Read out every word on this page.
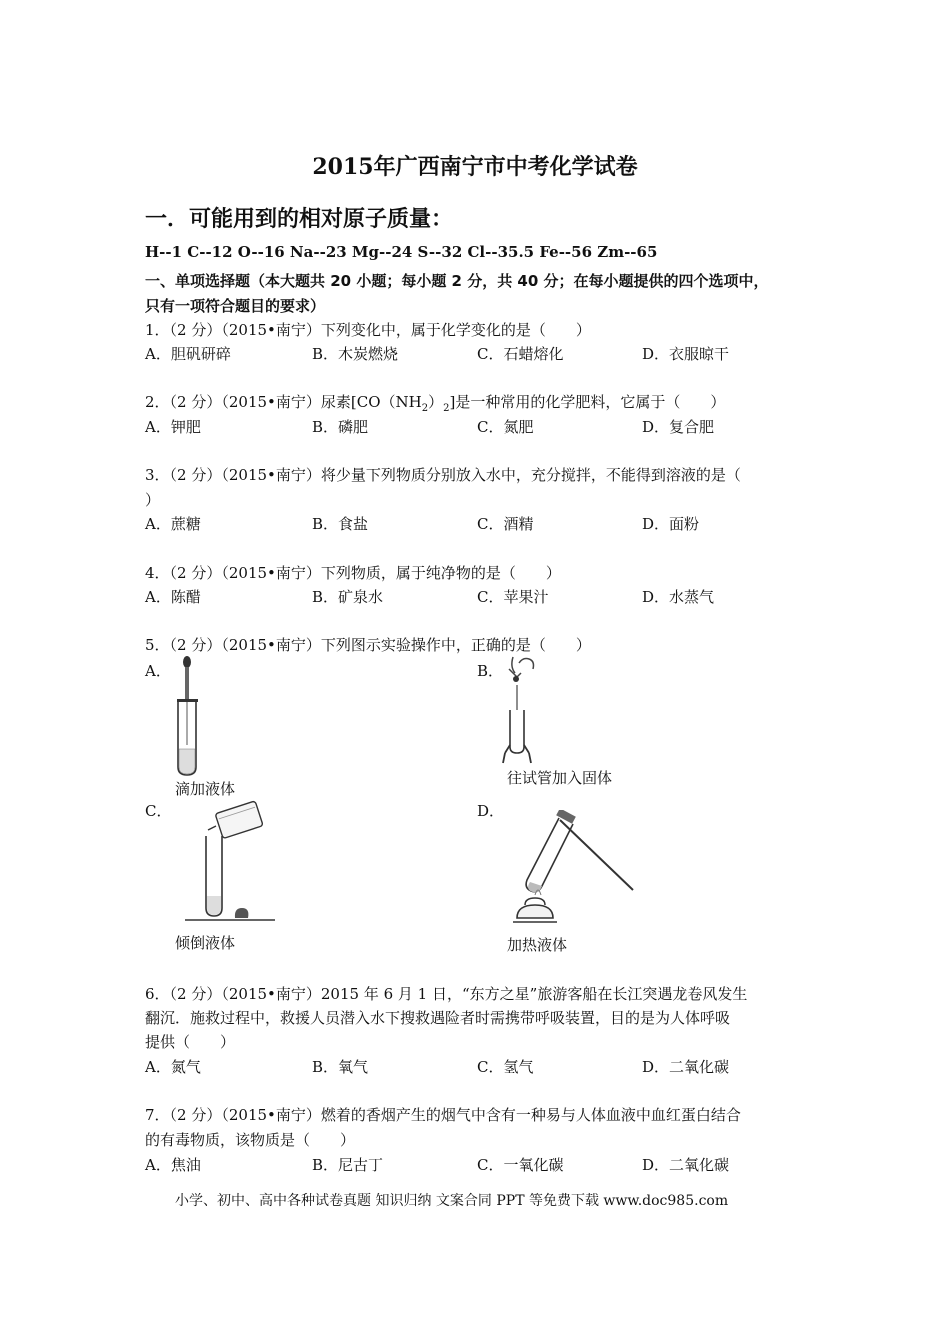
2015年广西南宁市中考化学试卷
一．可能用到的相对原子质量：
H--1 C--12 O--16 Na--23 Mg--24 S--32 Cl--35.5 Fe--56 Zm--65
一、单项选择题（本大题共 20 小题；每小题 2 分，共 40 分；在每小题提供的四个选项中，
只有一项符合题目的要求）
1．（2 分）（2015•南宁）下列变化中，属于化学变化的是（　　）
A．胆矾研碎	B．木炭燃烧	C．石蜡熔化	D．衣服晾干
2．（2 分）（2015•南宁）尿素$[CO(NH_2)_2]$是一种常用的化学肥料，它属于（　　）
A．钾肥	B．磷肥	C．氮肥	D．复合肥
3．（2 分）（2015•南宁）将少量下列物质分别放入水中，充分搅拌，不能得到溶液的是（
）
A．蔗糖	B．食盐	C．酒精	D．面粉
4．（2 分）（2015•南宁）下列物质，属于纯净物的是（　　）
A．陈醋	B．矿泉水	C．苹果汁	D．水蒸气
5．（2 分）（2015•南宁）下列图示实验操作中，正确的是（　　）
A．	B．
C．	D．
滴加液体
往试管加入固体
倾倒液体	加热液体
6．（2 分）（2015•南宁）2015 年 6 月 1 日，“东方之星”旅游客船在长江突遇龙卷风发生
翻沉．施救过程中，救援人员潜入水下搜救遇险者时需携带呼吸装置，目的是为人体呼吸
提供（　　）
A．氮气	B．氧气	C．氢气	D．二氧化碳
7．（2 分）（2015•南宁）燃着的香烟产生的烟气中含有一种易与人体血液中血红蛋白结合
的有毒物质，该物质是（　　）
A．焦油	B．尼古丁	C．一氧化碳	D．二氧化碳
小学、初中、高中各种试卷真题 知识归纳 文案合同 PPT 等免费下载 www.doc985.com
